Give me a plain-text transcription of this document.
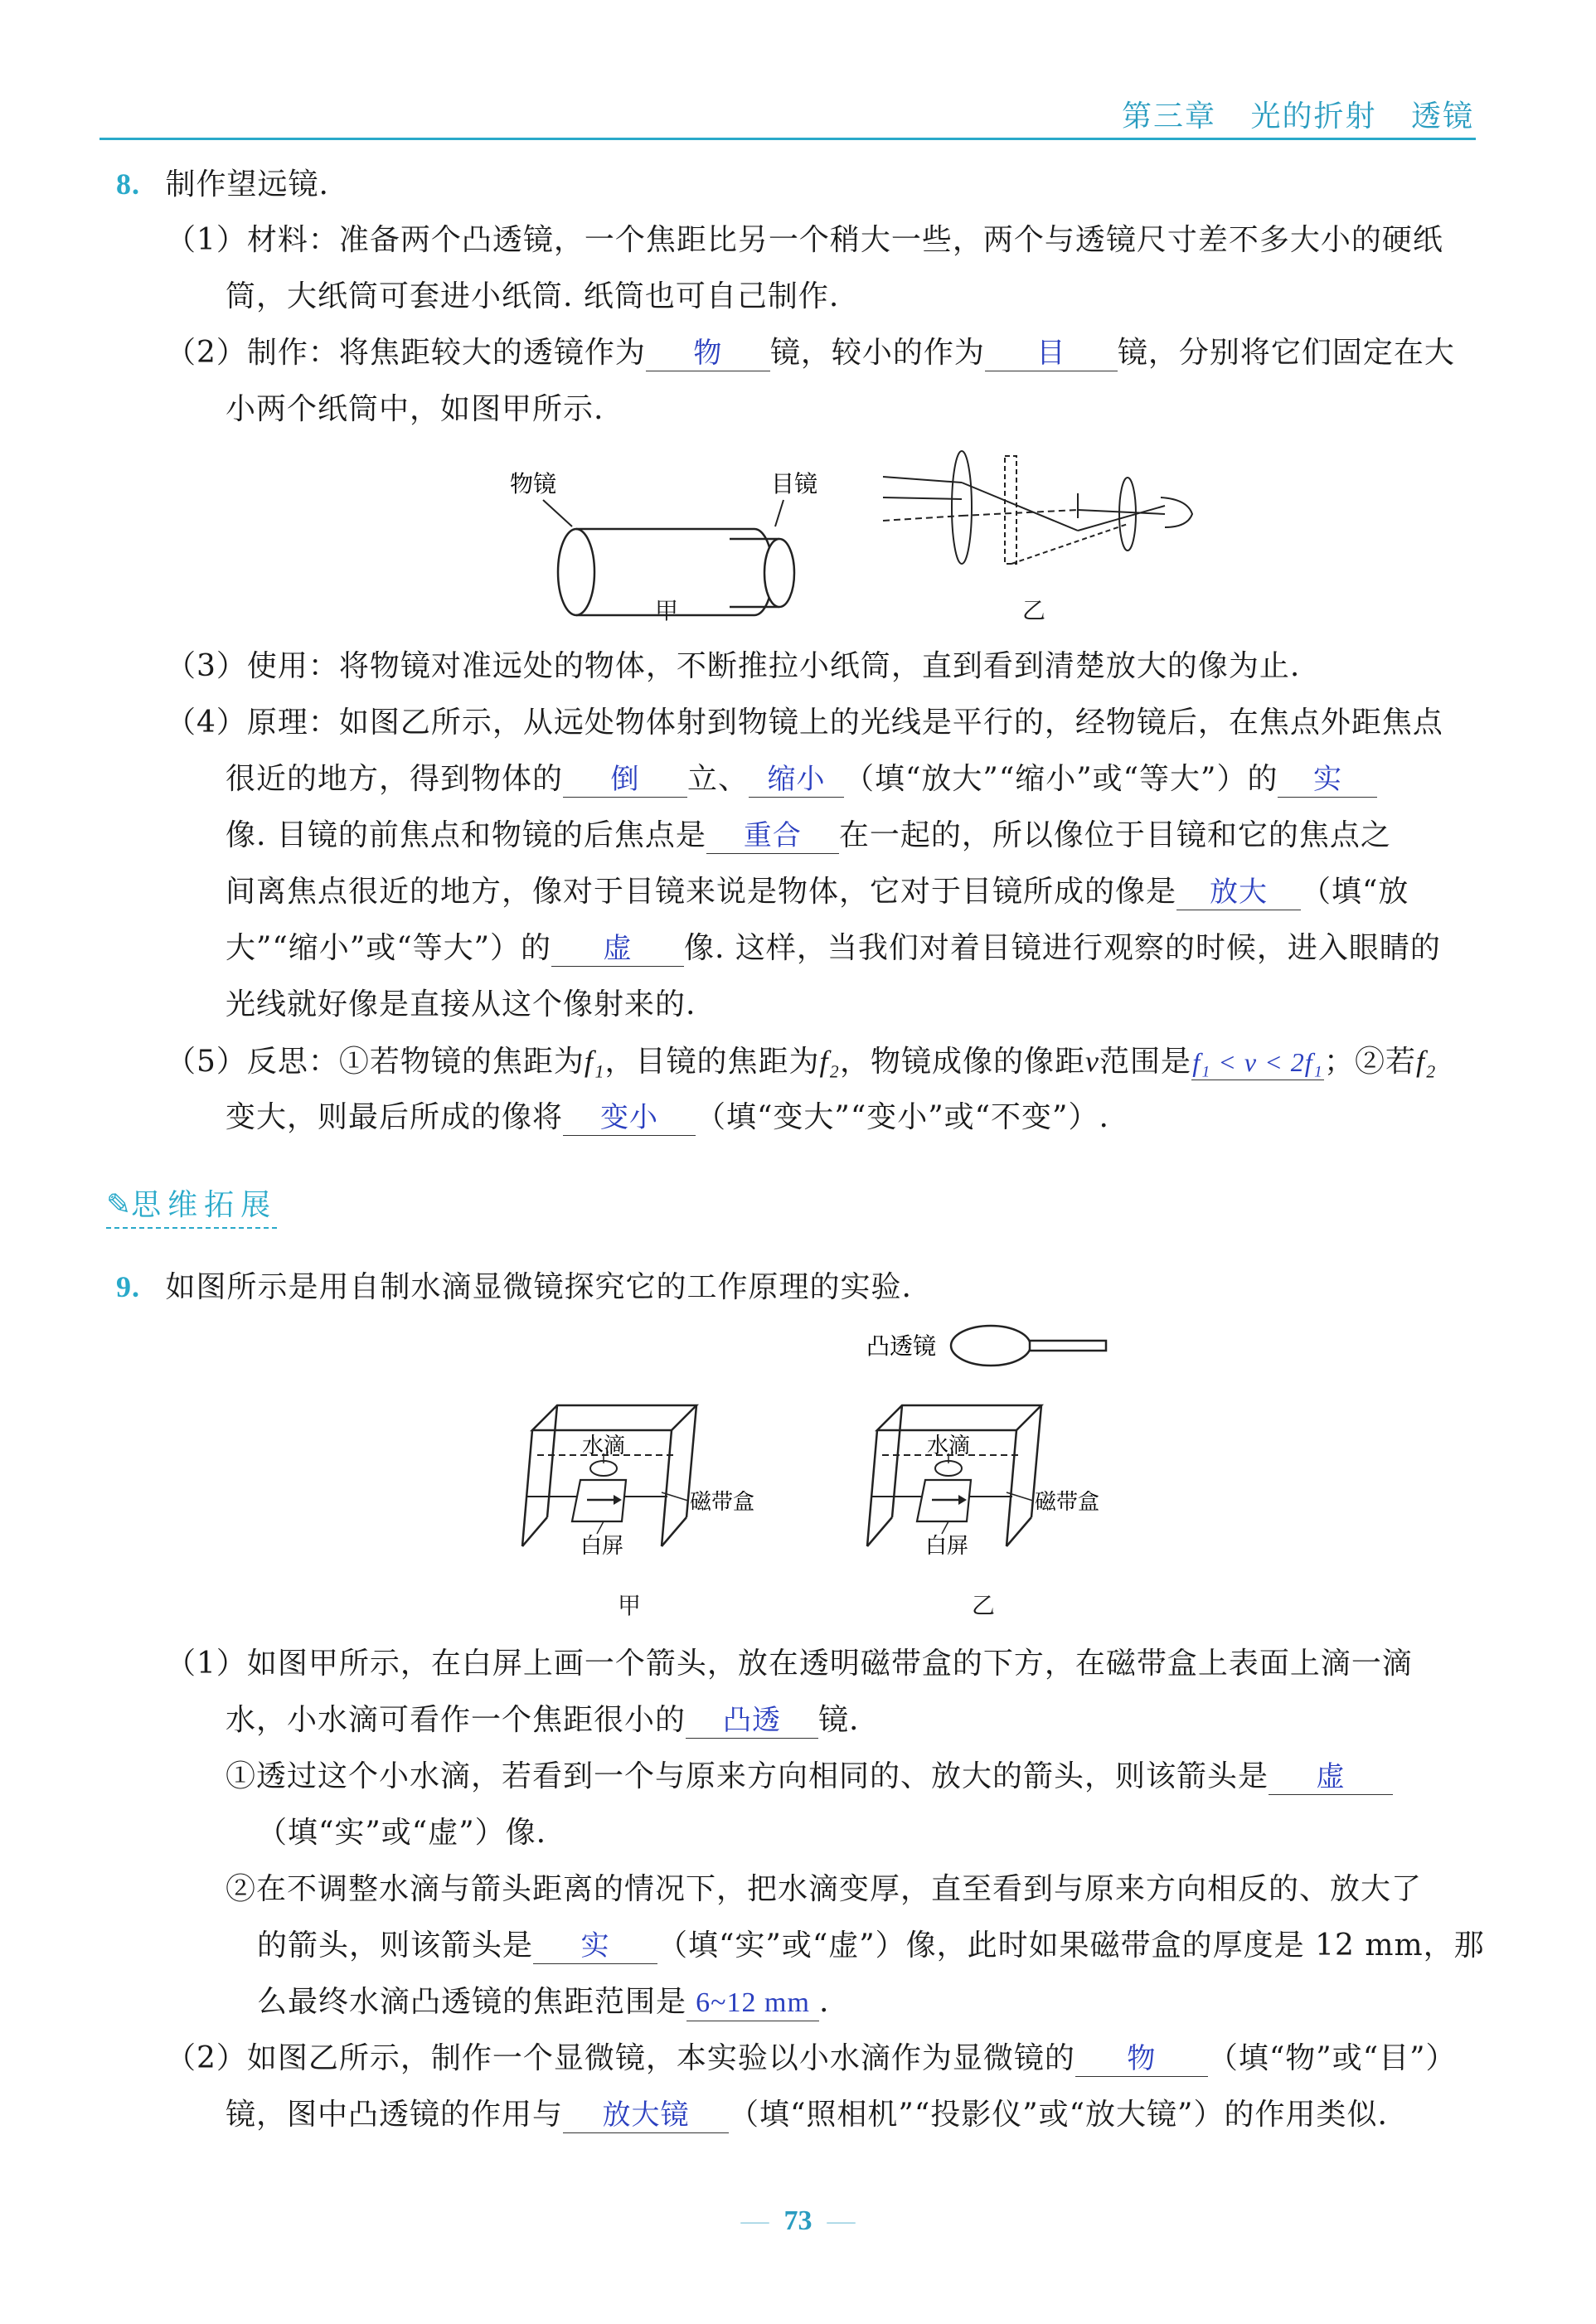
第三章 光的折射 透镜
8. 制作望远镜.
（1）材料：准备两个凸透镜，一个焦距比另一个稍大一些，两个与透镜尺寸差不多大小的硬纸
筒，大纸筒可套进小纸筒. 纸筒也可自己制作.
（2）制作：将焦距较大的透镜作为 物 镜，较小的作为 目 镜，分别将它们固定在大
小两个纸筒中，如图甲所示.
物镜	目镜
甲	乙
（3）使用：将物镜对准远处的物体，不断推拉小纸筒，直到看到清楚放大的像为止.
（4）原理：如图乙所示，从远处物体射到物镜上的光线是平行的，经物镜后，在焦点外距焦点
很近的地方，得到物体的 倒 立、 缩小 （填“放大”“缩小”或“等大”）的 实
像. 目镜的前焦点和物镜的后焦点是 重合 在一起的，所以像位于目镜和它的焦点之
间离焦点很近的地方，像对于目镜来说是物体，它对于目镜所成的像是 放大 （填“放
大”“缩小”或“等大”）的 虚 像. 这样，当我们对着目镜进行观察的时候，进入眼睛的
光线就好像是直接从这个像射来的.
（5）反思：①若物镜的焦距为f₁，目镜的焦距为f₂，物镜成像的像距v范围是f₁ < v < 2f₁；②若f₂
变大，则最后所成的像将 变小 （填“变大”“变小”或“不变”）.
✎思维拓展
9. 如图所示是用自制水滴显微镜探究它的工作原理的实验.
凸透镜
水滴
磁带盒
白屏
水滴
磁带盒
白屏
甲	乙
（1）如图甲所示，在白屏上画一个箭头，放在透明磁带盒的下方，在磁带盒上表面上滴一滴
水，小水滴可看作一个焦距很小的 凸透 镜.
①透过这个小水滴，若看到一个与原来方向相同的、放大的箭头，则该箭头是 虚
（填“实”或“虚”）像.
②在不调整水滴与箭头距离的情况下，把水滴变厚，直至看到与原来方向相反的、放大了
的箭头，则该箭头是 实 （填“实”或“虚”）像，此时如果磁带盒的厚度是 12 mm，那
么最终水滴凸透镜的焦距范围是 6~12 mm .
（2）如图乙所示，制作一个显微镜，本实验以小水滴作为显微镜的 物 （填“物”或“目”）
镜，图中凸透镜的作用与 放大镜 （填“照相机”“投影仪”或“放大镜”）的作用类似.
— 73 —
